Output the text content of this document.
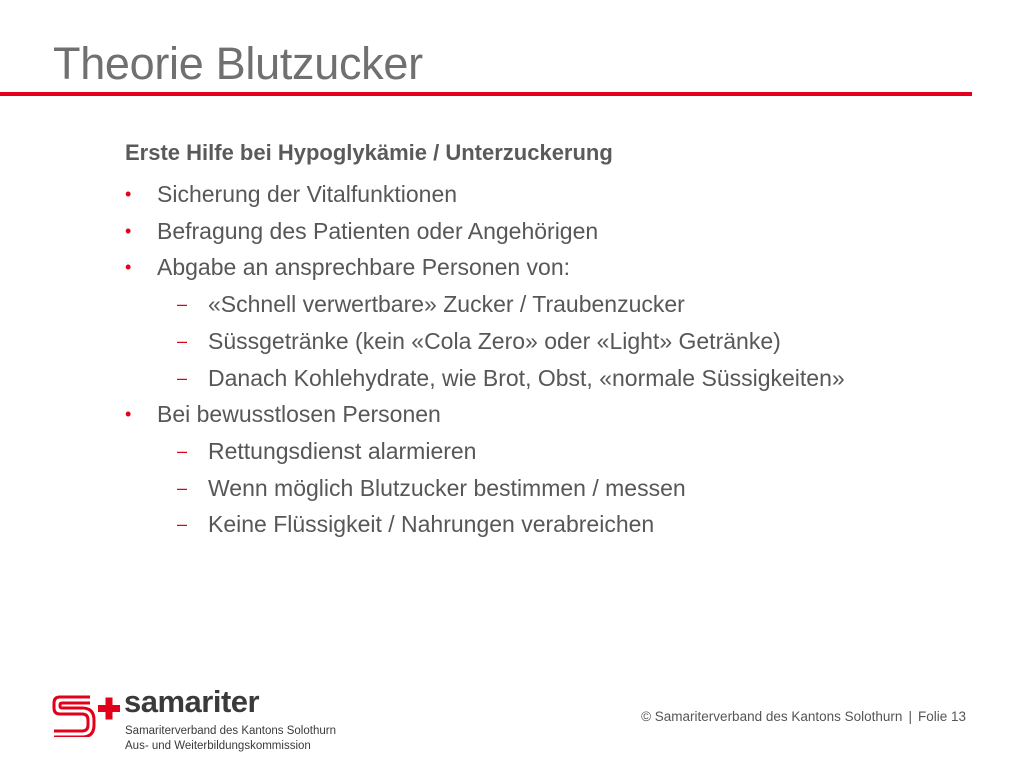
Theorie Blutzucker
Erste Hilfe bei Hypoglykämie / Unterzuckerung
• Sicherung der Vitalfunktionen
• Befragung des Patienten oder Angehörigen
• Abgabe an ansprechbare Personen von:
– «Schnell verwertbare» Zucker / Traubenzucker
– Süssgetränke (kein «Cola Zero» oder «Light» Getränke)
– Danach Kohlehydrate, wie Brot, Obst, «normale Süssigkeiten»
• Bei bewusstlosen Personen
– Rettungsdienst alarmieren
– Wenn möglich Blutzucker bestimmen / messen
– Keine Flüssigkeit / Nahrungen verabreichen
samariter
Samariterverband des Kantons Solothurn
Aus- und Weiterbildungskommission
© Samariterverband des Kantons Solothurn | Folie 13
